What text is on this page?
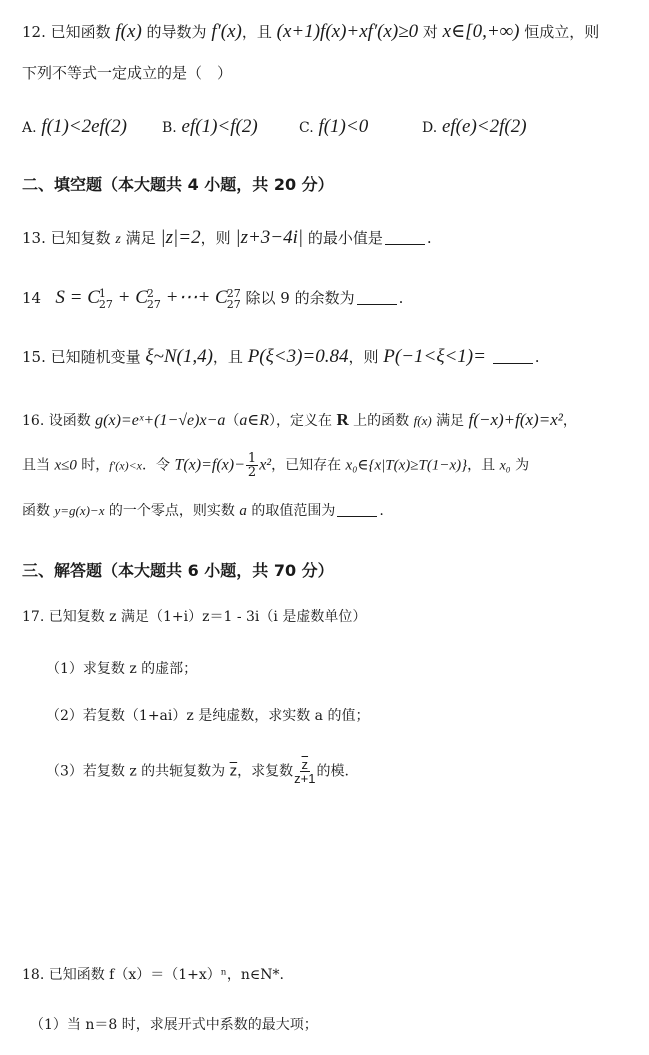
12. 已知函数 f(x) 的导数为 f′(x)，且 (x+1)f(x)+xf′(x)≥0 对 x∈[0,+∞) 恒成立，则
下列不等式一定成立的是（　）
A. f(1)<2ef(2)	B. ef(1)<f(2)	C. f(1)<0	D. ef(e)<2f(2)
二、填空题（本大题共 4 小题，共 20 分）
13. 已知复数 z 满足 |z|=2，则 |z+3−4i| 的最小值是	.
14 S = C 1
27 + C 2
27 +⋯+ C 27
27 除以 9 的余数为	.
15. 已知随机变量 ξ~N(1,4)，且 P(ξ<3)=0.84，则 P(−1<ξ<1)=	.
16. 设函数 g(x)=eˣ+(1−√e)x−a（a∈R），定义在 R 上的函数 f(x) 满足 f(−x)+f(x)=x²，
且当 x≤0 时，f′(x)<x．令 $T(x)=f(x)- \frac{1}{2} x^2$，已知存在 x₀∈{x|T(x)≥T(1−x)}，且 x₀ 为
函数 y=g(x)−x 的一个零点，则实数 a 的取值范围为	.
三、解答题（本大题共 6 小题，共 70 分）
17. 已知复数 z 满足（1+i）z＝1 - 3i（i 是虚数单位）
（1）求复数 z 的虚部；
（2）若复数（1+ai）z 是纯虚数，求实数 a 的值；
（3）若复数 z 的共轭复数为 $\overline{z}$，求复数 $\frac{\overline{z}}{z+1}$ 的模.
18. 已知函数 f（x）＝（1+x）ⁿ，n∈N*.
（1）当 n＝8 时，求展开式中系数的最大项；
